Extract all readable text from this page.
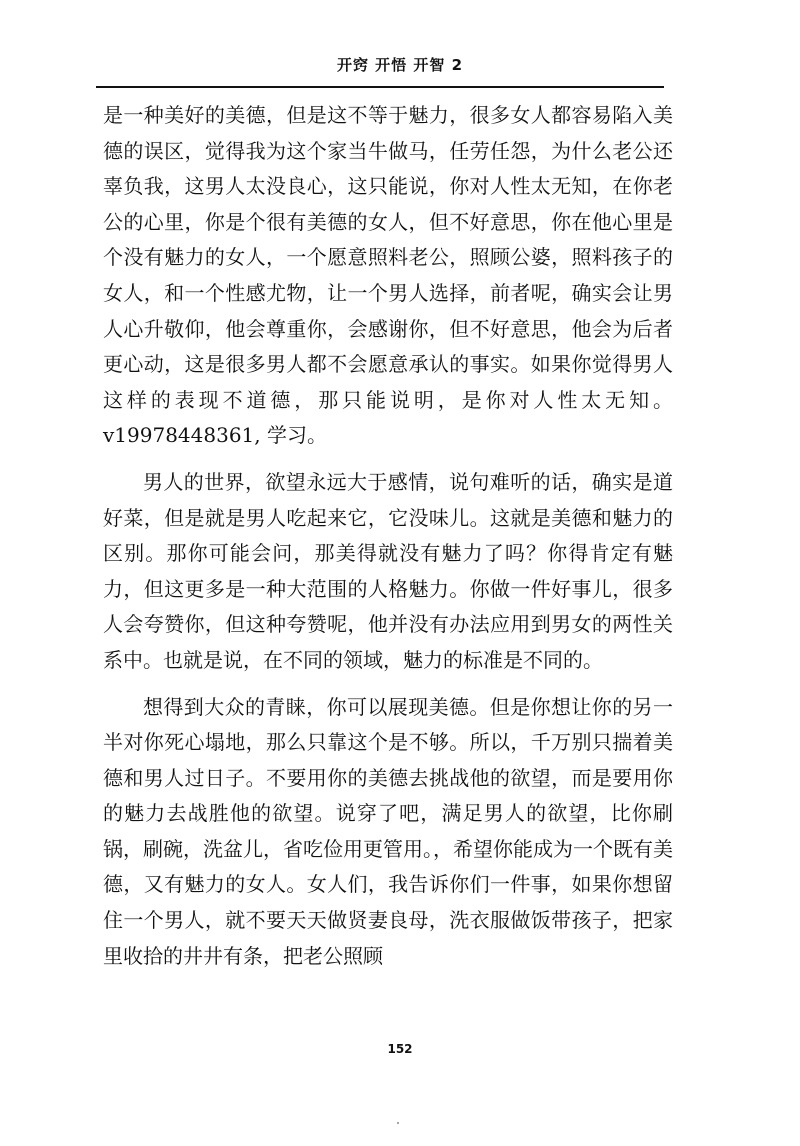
开窍 开悟 开智 2

是一种美好的美德，但是这不等于魅力，很多女人都容易陷入美德的误区，觉得我为这个家当牛做马，任劳任怨，为什么老公还辜负我，这男人太没良心，这只能说，你对人性太无知，在你老公的心里，你是个很有美德的女人，但不好意思，你在他心里是个没有魅力的女人，一个愿意照料老公，照顾公婆，照料孩子的女人，和一个性感尤物，让一个男人选择，前者呢，确实会让男人心升敬仰，他会尊重你，会感谢你，但不好意思，他会为后者更心动，这是很多男人都不会愿意承认的事实。如果你觉得男人这样的表现不道德，那只能说明，是你对人性太无知。v19978448361, 学习。

男人的世界，欲望永远大于感情，说句难听的话，确实是道好菜，但是就是男人吃起来它，它没味儿。这就是美德和魅力的区别。那你可能会问，那美得就没有魅力了吗？你得肯定有魅力，但这更多是一种大范围的人格魅力。你做一件好事儿，很多人会夸赞你，但这种夸赞呢，他并没有办法应用到男女的两性关系中。也就是说，在不同的领域，魅力的标准是不同的。

想得到大众的青睐，你可以展现美德。但是你想让你的另一半对你死心塌地，那么只靠这个是不够。所以，千万别只揣着美德和男人过日子。不要用你的美德去挑战他的欲望，而是要用你的魅力去战胜他的欲望。说穿了吧，满足男人的欲望，比你刷锅，刷碗，洗盆儿，省吃俭用更管用。，希望你能成为一个既有美德，又有魅力的女人。女人们，我告诉你们一件事，如果你想留住一个男人，就不要天天做贤妻良母，洗衣服做饭带孩子，把家里收拾的井井有条，把老公照顾

152
